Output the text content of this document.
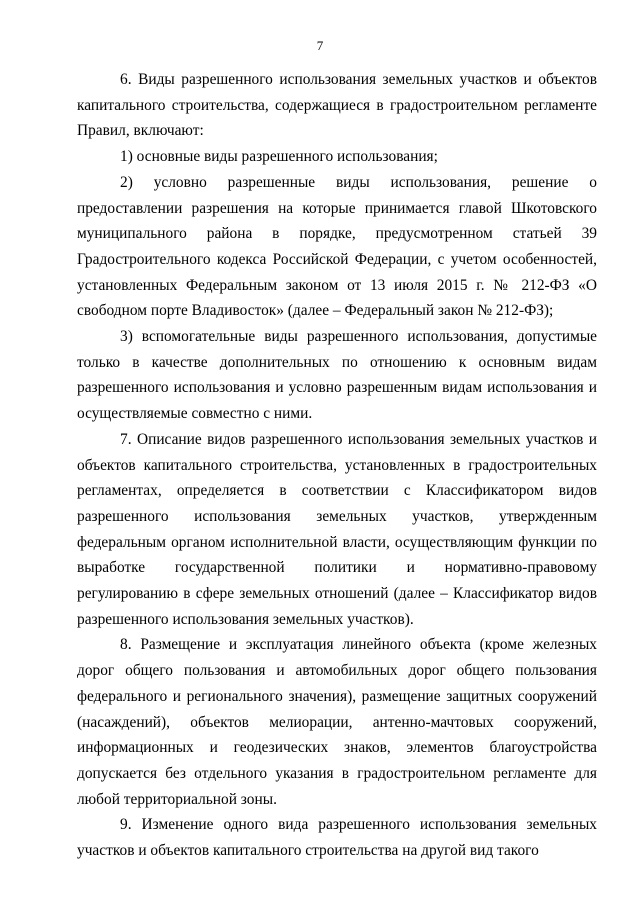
7

6. Виды разрешенного использования земельных участков и объектов капитального строительства, содержащиеся в градостроительном регламенте Правил, включают:

1) основные виды разрешенного использования;

2) условно разрешенные виды использования, решение о предоставлении разрешения на которые принимается главой Шкотовского муниципального района в порядке, предусмотренном статьей 39 Градостроительного кодекса Российской Федерации, с учетом особенностей, установленных Федеральным законом от 13 июля 2015 г. № 212-ФЗ «О свободном порте Владивосток» (далее – Федеральный закон № 212-ФЗ);

3) вспомогательные виды разрешенного использования, допустимые только в качестве дополнительных по отношению к основным видам разрешенного использования и условно разрешенным видам использования и осуществляемые совместно с ними.

7. Описание видов разрешенного использования земельных участков и объектов капитального строительства, установленных в градостроительных регламентах, определяется в соответствии с Классификатором видов разрешенного использования земельных участков, утвержденным федеральным органом исполнительной власти, осуществляющим функции по выработке государственной политики и нормативно-правовому регулированию в сфере земельных отношений (далее – Классификатор видов разрешенного использования земельных участков).

8. Размещение и эксплуатация линейного объекта (кроме железных дорог общего пользования и автомобильных дорог общего пользования федерального и регионального значения), размещение защитных сооружений (насаждений), объектов мелиорации, антенно-мачтовых сооружений, информационных и геодезических знаков, элементов благоустройства допускается без отдельного указания в градостроительном регламенте для любой территориальной зоны.

9. Изменение одного вида разрешенного использования земельных участков и объектов капитального строительства на другой вид такого
